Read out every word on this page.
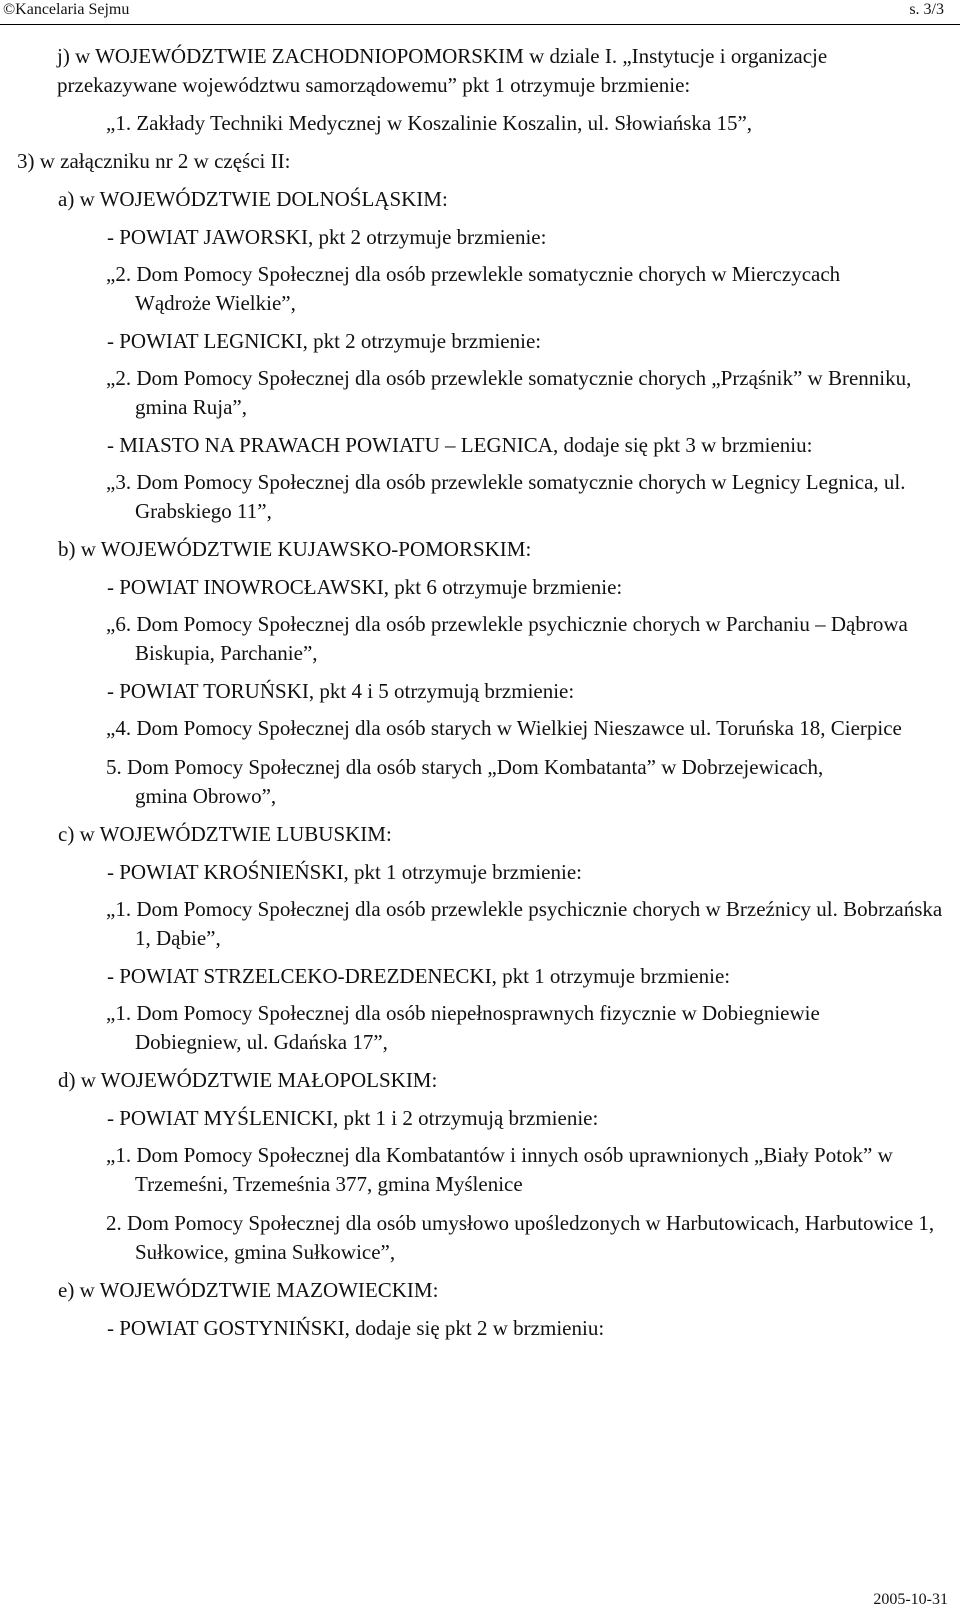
©Kancelaria Sejmu	s. 3/3

j) w WOJEWÓDZTWIE ZACHODNIOPOMORSKIM w dziale I. „Instytucje i organizacje przekazywane województwu samorządowemu” pkt 1 otrzymuje brzmienie:

„1. Zakłady Techniki Medycznej w Koszalinie Koszalin, ul. Słowiańska 15”,

3) w załączniku nr 2 w części II:

a) w WOJEWÓDZTWIE DOLNOŚLĄSKIM:

- POWIAT JAWORSKI, pkt 2 otrzymuje brzmienie:

„2. Dom Pomocy Społecznej dla osób przewlekle somatycznie chorych w Mierczycach Wądroże Wielkie”,

- POWIAT LEGNICKI, pkt 2 otrzymuje brzmienie:

„2. Dom Pomocy Społecznej dla osób przewlekle somatycznie chorych „Prząśnik” w Brenniku, gmina Ruja”,

- MIASTO NA PRAWACH POWIATU – LEGNICA, dodaje się pkt 3 w brzmieniu:

„3. Dom Pomocy Społecznej dla osób przewlekle somatycznie chorych w Legnicy Legnica, ul. Grabskiego 11”,

b) w WOJEWÓDZTWIE KUJAWSKO-POMORSKIM:

- POWIAT INOWROCŁAWSKI, pkt 6 otrzymuje brzmienie:

„6. Dom Pomocy Społecznej dla osób przewlekle psychicznie chorych w Parchaniu – Dąbrowa Biskupia, Parchanie”,

- POWIAT TORUŃSKI, pkt 4 i 5 otrzymują brzmienie:

„4. Dom Pomocy Społecznej dla osób starych w Wielkiej Nieszawce ul. Toruńska 18, Cierpice

5. Dom Pomocy Społecznej dla osób starych „Dom Kombatanta” w Dobrzejewicach, gmina Obrowo”,

c) w WOJEWÓDZTWIE LUBUSKIM:

- POWIAT KROŚNIEŃSKI, pkt 1 otrzymuje brzmienie:

„1. Dom Pomocy Społecznej dla osób przewlekle psychicznie chorych w Brzeźnicy ul. Bobrzańska 1, Dąbie”,

- POWIAT STRZELCEKO-DREZDENECKI, pkt 1 otrzymuje brzmienie:

„1. Dom Pomocy Społecznej dla osób niepełnosprawnych fizycznie w Dobiegniewie Dobiegniew, ul. Gdańska 17”,

d) w WOJEWÓDZTWIE MAŁOPOLSKIM:

- POWIAT MYŚLENICKI, pkt 1 i 2 otrzymują brzmienie:

„1. Dom Pomocy Społecznej dla Kombatantów i innych osób uprawnionych „Biały Potok” w Trzemeśni, Trzemeśnia 377, gmina Myślenice

2. Dom Pomocy Społecznej dla osób umysłowo upośledzonych w Harbutowicach, Harbutowice 1, Sułkowice, gmina Sułkowice”,

e) w WOJEWÓDZTWIE MAZOWIECKIM:

- POWIAT GOSTYNIŃSKI, dodaje się pkt 2 w brzmieniu:

2005-10-31
